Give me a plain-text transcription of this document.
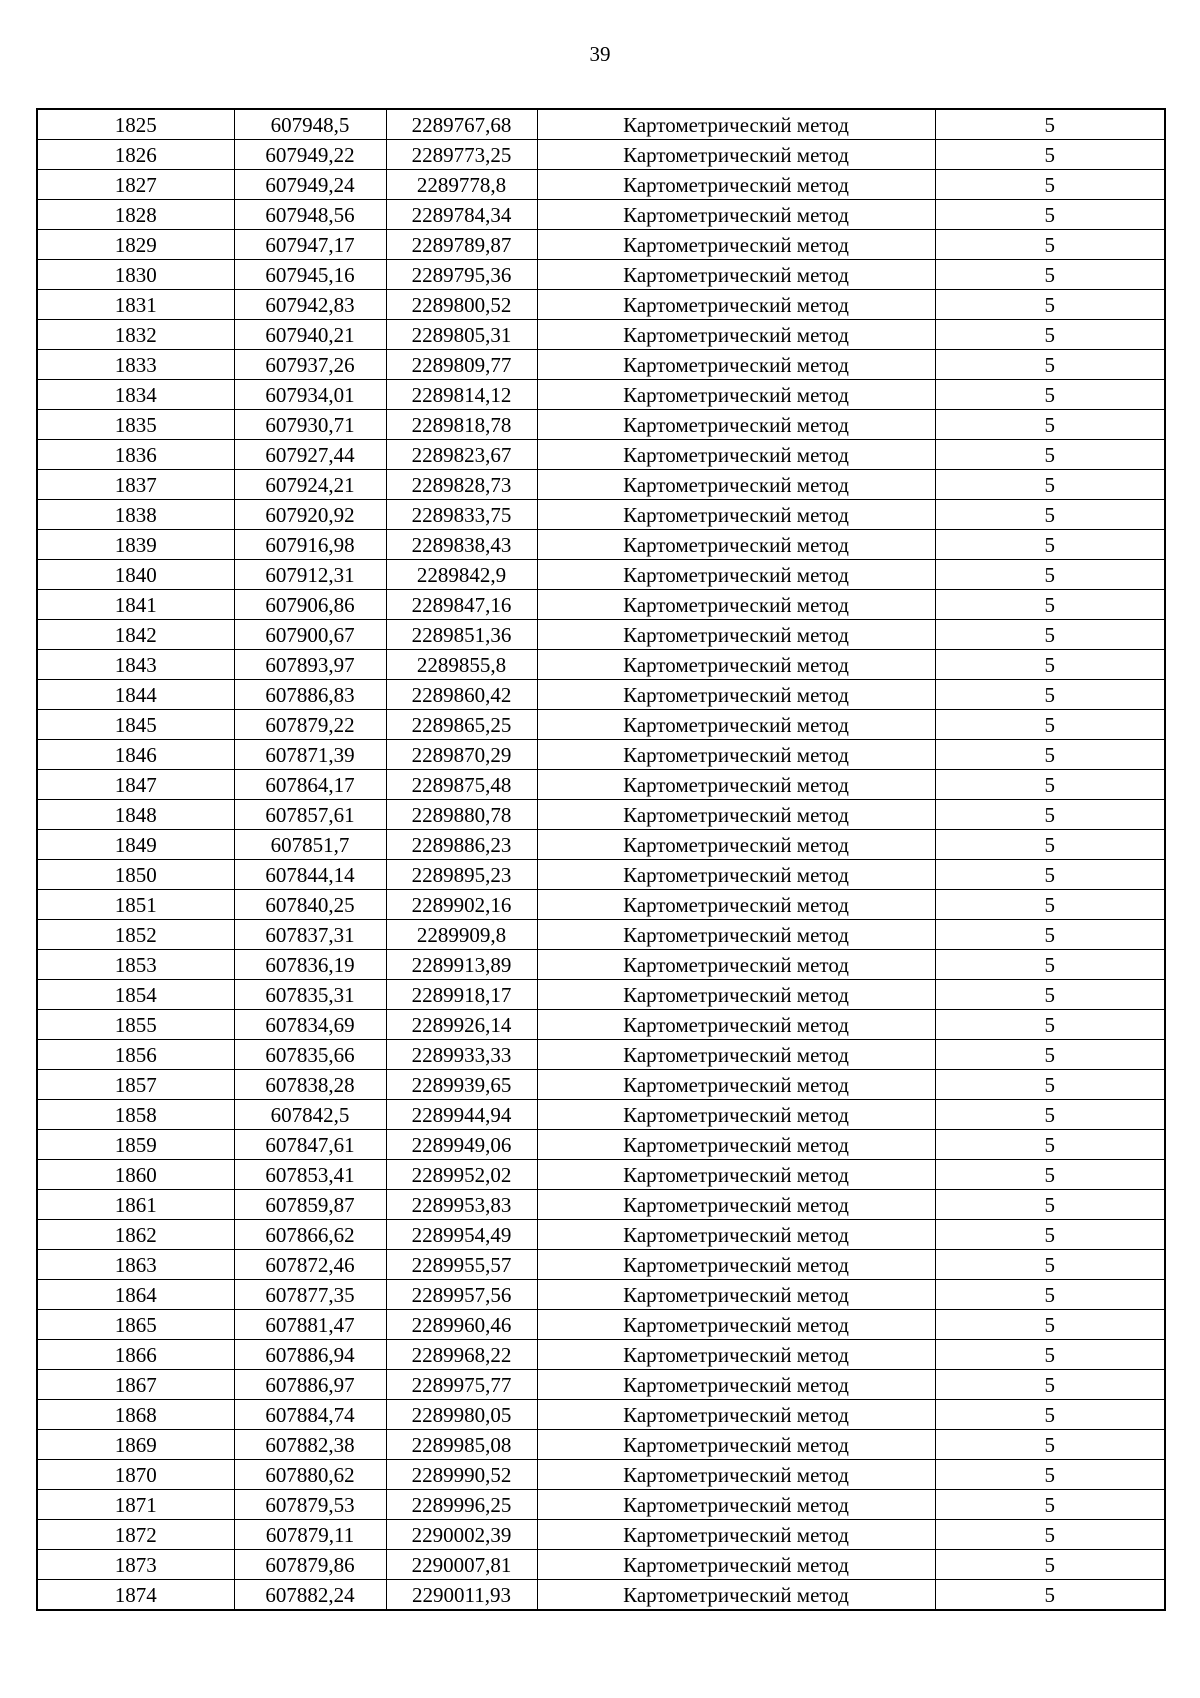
39
1825	607948,5	2289767,68	Картометрический метод	5
1826	607949,22	2289773,25	Картометрический метод	5
1827	607949,24	2289778,8	Картометрический метод	5
1828	607948,56	2289784,34	Картометрический метод	5
1829	607947,17	2289789,87	Картометрический метод	5
1830	607945,16	2289795,36	Картометрический метод	5
1831	607942,83	2289800,52	Картометрический метод	5
1832	607940,21	2289805,31	Картометрический метод	5
1833	607937,26	2289809,77	Картометрический метод	5
1834	607934,01	2289814,12	Картометрический метод	5
1835	607930,71	2289818,78	Картометрический метод	5
1836	607927,44	2289823,67	Картометрический метод	5
1837	607924,21	2289828,73	Картометрический метод	5
1838	607920,92	2289833,75	Картометрический метод	5
1839	607916,98	2289838,43	Картометрический метод	5
1840	607912,31	2289842,9	Картометрический метод	5
1841	607906,86	2289847,16	Картометрический метод	5
1842	607900,67	2289851,36	Картометрический метод	5
1843	607893,97	2289855,8	Картометрический метод	5
1844	607886,83	2289860,42	Картометрический метод	5
1845	607879,22	2289865,25	Картометрический метод	5
1846	607871,39	2289870,29	Картометрический метод	5
1847	607864,17	2289875,48	Картометрический метод	5
1848	607857,61	2289880,78	Картометрический метод	5
1849	607851,7	2289886,23	Картометрический метод	5
1850	607844,14	2289895,23	Картометрический метод	5
1851	607840,25	2289902,16	Картометрический метод	5
1852	607837,31	2289909,8	Картометрический метод	5
1853	607836,19	2289913,89	Картометрический метод	5
1854	607835,31	2289918,17	Картометрический метод	5
1855	607834,69	2289926,14	Картометрический метод	5
1856	607835,66	2289933,33	Картометрический метод	5
1857	607838,28	2289939,65	Картометрический метод	5
1858	607842,5	2289944,94	Картометрический метод	5
1859	607847,61	2289949,06	Картометрический метод	5
1860	607853,41	2289952,02	Картометрический метод	5
1861	607859,87	2289953,83	Картометрический метод	5
1862	607866,62	2289954,49	Картометрический метод	5
1863	607872,46	2289955,57	Картометрический метод	5
1864	607877,35	2289957,56	Картометрический метод	5
1865	607881,47	2289960,46	Картометрический метод	5
1866	607886,94	2289968,22	Картометрический метод	5
1867	607886,97	2289975,77	Картометрический метод	5
1868	607884,74	2289980,05	Картометрический метод	5
1869	607882,38	2289985,08	Картометрический метод	5
1870	607880,62	2289990,52	Картометрический метод	5
1871	607879,53	2289996,25	Картометрический метод	5
1872	607879,11	2290002,39	Картометрический метод	5
1873	607879,86	2290007,81	Картометрический метод	5
1874	607882,24	2290011,93	Картометрический метод	5
